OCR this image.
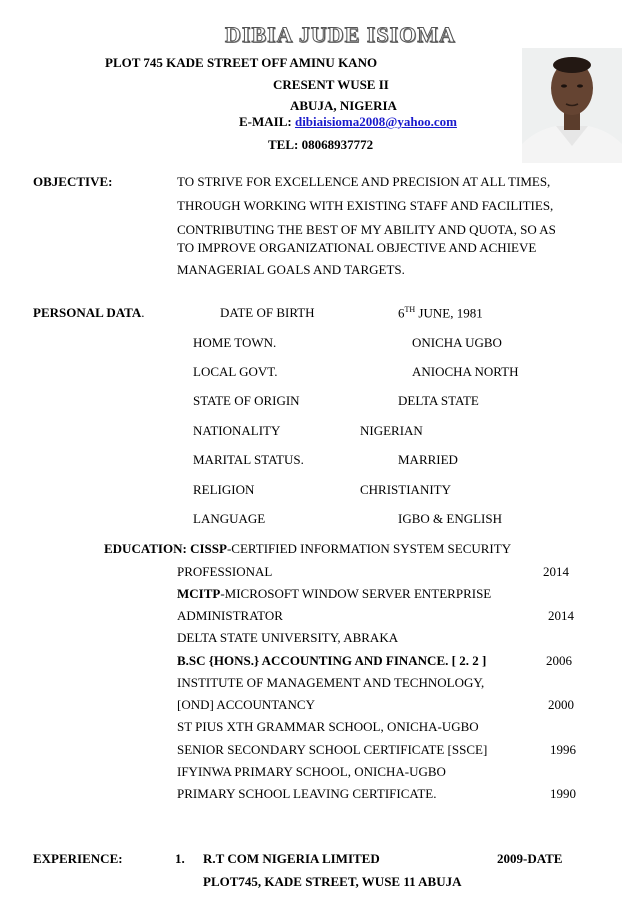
DIBIA JUDE ISIOMA
PLOT 745 KADE STREET OFF AMINU KANO
CRESENT WUSE II
ABUJA, NIGERIA
E-MAIL: dibiaisioma2008@yahoo.com
TEL: 08068937772
OBJECTIVE:	TO STRIVE FOR EXCELLENCE AND PRECISION AT ALL TIMES,
THROUGH WORKING WITH EXISTING STAFF AND FACILITIES,
CONTRIBUTING THE BEST OF MY ABILITY AND QUOTA, SO AS
TO IMPROVE ORGANIZATIONAL OBJECTIVE AND ACHIEVE
MANAGERIAL GOALS AND TARGETS.
PERSONAL DATA.	DATE OF BIRTH	6TH JUNE, 1981
HOME TOWN.	ONICHA UGBO
LOCAL GOVT.	ANIOCHA NORTH
STATE OF ORIGIN	DELTA STATE
NATIONALITY	NIGERIAN
MARITAL STATUS.	MARRIED
RELIGION	CHRISTIANITY
LANGUAGE	IGBO & ENGLISH
EDUCATION: CISSP-CERTIFIED INFORMATION SYSTEM SECURITY
PROFESSIONAL	2014
MCITP-MICROSOFT WINDOW SERVER ENTERPRISE
ADMINISTRATOR	2014
DELTA STATE UNIVERSITY, ABRAKA
B.SC {HONS.} ACCOUNTING AND FINANCE. [ 2. 2 ]	2006
INSTITUTE OF MANAGEMENT AND TECHNOLOGY,
[OND] ACCOUNTANCY	2000
ST PIUS XTH GRAMMAR SCHOOL, ONICHA-UGBO
SENIOR SECONDARY SCHOOL CERTIFICATE [SSCE]	1996
IFYINWA PRIMARY SCHOOL, ONICHA-UGBO
PRIMARY SCHOOL LEAVING CERTIFICATE.	1990
EXPERIENCE:	1. R.T COM NIGERIA LIMITED	2009-DATE
PLOT745, KADE STREET, WUSE 11 ABUJA
